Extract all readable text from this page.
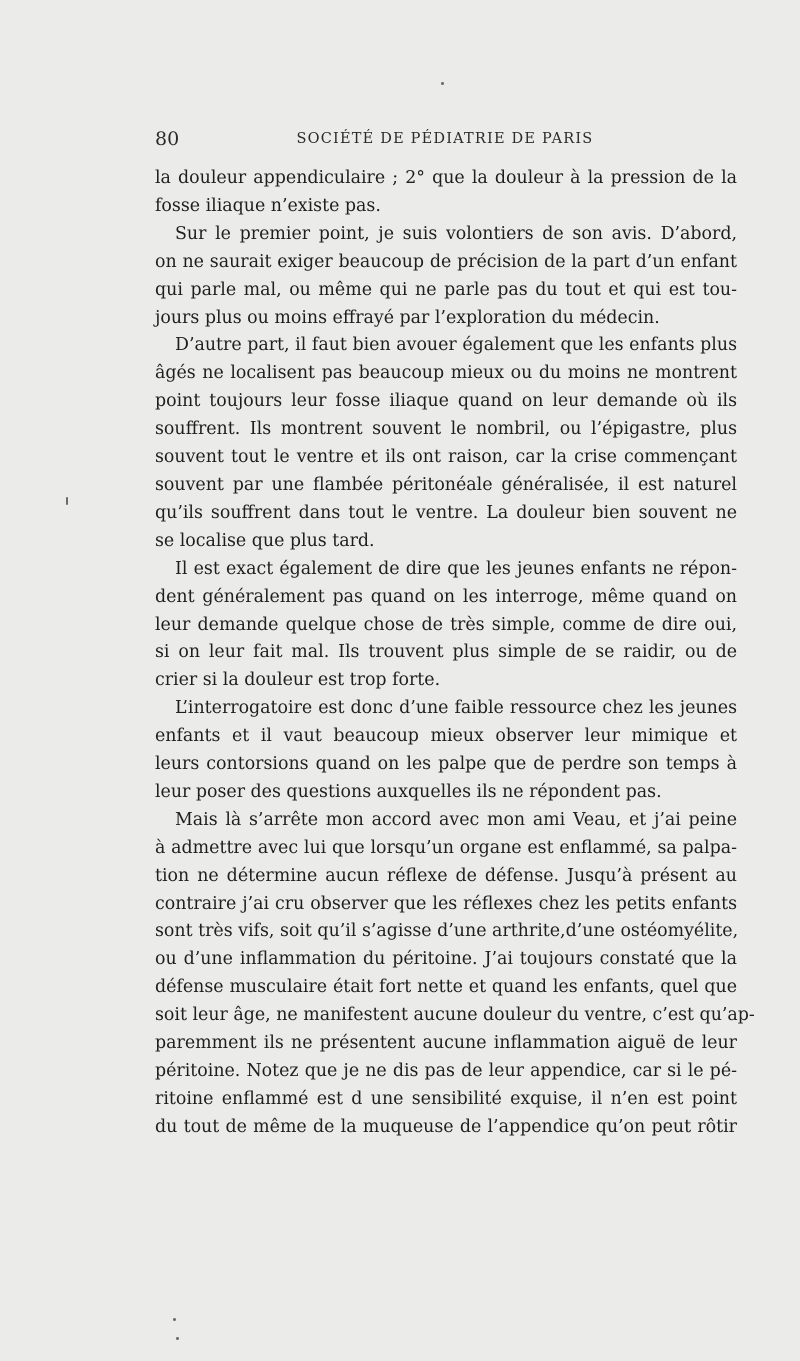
80	SOCIÉTÉ DE PÉDIATRIE DE PARIS
la douleur appendiculaire ; 2° que la douleur à la pression de la
fosse iliaque n’existe pas.
Sur le premier point, je suis volontiers de son avis. D’abord,
on ne saurait exiger beaucoup de précision de la part d’un enfant
qui parle mal, ou même qui ne parle pas du tout et qui est tou-
jours plus ou moins effrayé par l’exploration du médecin.
D’autre part, il faut bien avouer également que les enfants plus
âgés ne localisent pas beaucoup mieux ou du moins ne montrent
point toujours leur fosse iliaque quand on leur demande où ils
souffrent. Ils montrent souvent le nombril, ou l’épigastre, plus
souvent tout le ventre et ils ont raison, car la crise commençant
souvent par une flambée péritonéale généralisée, il est naturel
qu’ils souffrent dans tout le ventre. La douleur bien souvent ne
se localise que plus tard.
Il est exact également de dire que les jeunes enfants ne répon-
dent généralement pas quand on les interroge, même quand on
leur demande quelque chose de très simple, comme de dire oui,
si on leur fait mal. Ils trouvent plus simple de se raidir, ou de
crier si la douleur est trop forte.
L’interrogatoire est donc d’une faible ressource chez les jeunes
enfants et il vaut beaucoup mieux observer leur mimique et
leurs contorsions quand on les palpe que de perdre son temps à
leur poser des questions auxquelles ils ne répondent pas.
Mais là s’arrête mon accord avec mon ami Veau, et j’ai peine
à admettre avec lui que lorsqu’un organe est enflammé, sa palpa-
tion ne détermine aucun réflexe de défense. Jusqu’à présent au
contraire j’ai cru observer que les réflexes chez les petits enfants
sont très vifs, soit qu’il s’agisse d’une arthrite,d’une ostéomyélite,
ou d’une inflammation du péritoine. J’ai toujours constaté que la
défense musculaire était fort nette et quand les enfants, quel que
soit leur âge, ne manifestent aucune douleur du ventre, c’est qu’ap-
paremment ils ne présentent aucune inflammation aiguë de leur
péritoine. Notez que je ne dis pas de leur appendice, car si le pé-
ritoine enflammé est d une sensibilité exquise, il n’en est point
du tout de même de la muqueuse de l’appendice qu’on peut rôtir
